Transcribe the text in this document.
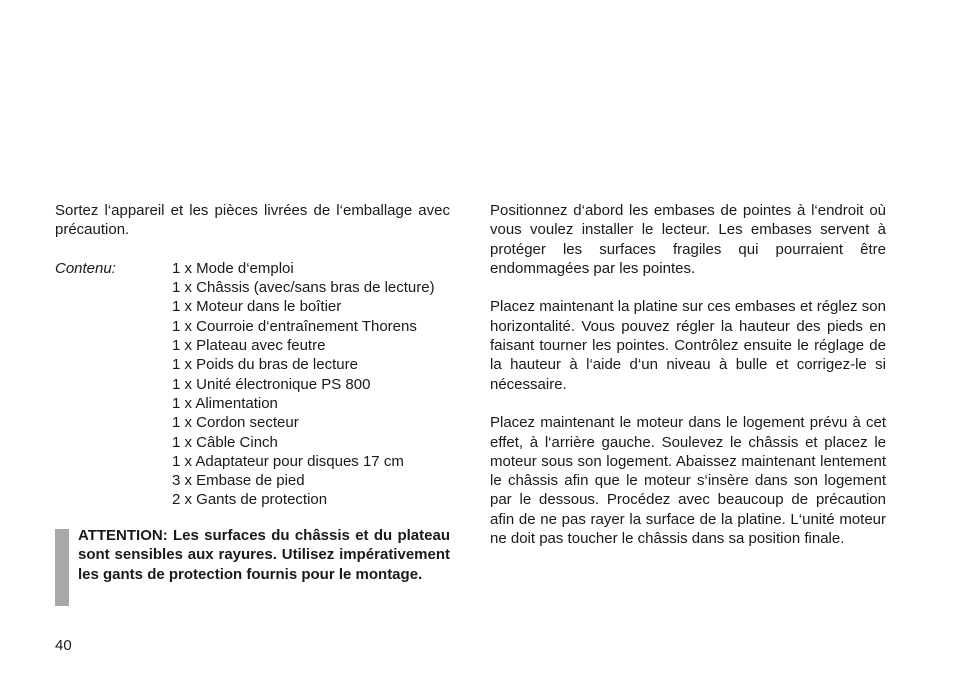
Sortez l‘appareil et les pièces livrées de l‘emballage avec précaution.

Contenu:	1 x Mode d‘emploi
1 x Châssis (avec/sans bras de lecture)
1 x Moteur dans le boîtier
1 x Courroie d‘entraînement Thorens
1 x Plateau avec feutre
1 x Poids du bras de lecture
1 x Unité électronique PS 800
1 x Alimentation
1 x Cordon secteur
1 x Câble Cinch
1 x Adaptateur pour disques 17 cm
3 x Embase de pied
2 x Gants de protection

ATTENTION: Les surfaces du châssis et du plateau sont sensibles aux rayures. Utilisez impérativement les gants de protection fournis pour le montage.

Positionnez d‘abord les embases de pointes à l‘endroit où vous voulez installer le lecteur. Les embases servent à protéger les surfaces fragiles qui pourraient être endommagées par les pointes.

Placez maintenant la platine sur ces embases et réglez son horizontalité. Vous pouvez régler la hauteur des pieds en faisant tourner les pointes. Contrôlez ensuite le réglage de la hauteur à l‘aide d‘un niveau à bulle et corrigez-le si nécessaire.

Placez maintenant le moteur dans le logement prévu à cet effet, à l‘arrière gauche. Soulevez le châssis et placez le moteur sous son logement. Abaissez maintenant lentement le châssis afin que le moteur s‘insère dans son logement par le dessous. Procédez avec beaucoup de précaution afin de ne pas rayer la surface de la platine. L‘unité moteur ne doit pas toucher le châssis dans sa position finale.

40
